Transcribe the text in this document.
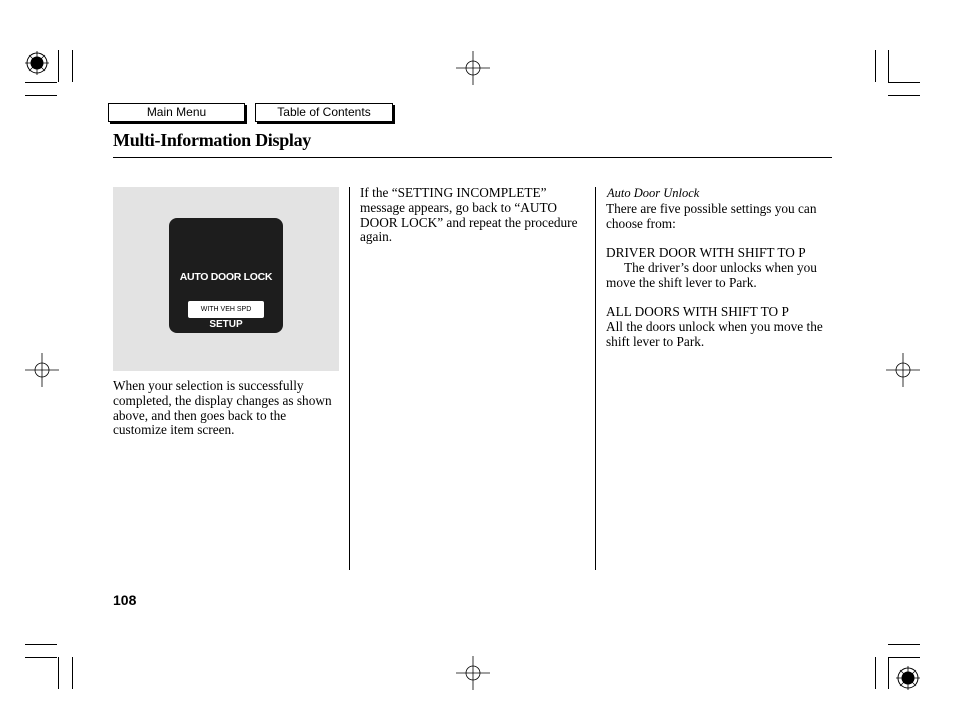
Main Menu	Table of Contents
Multi-Information Display
AUTO DOOR LOCK
WITH VEH SPD
SETUP
When your selection is successfully completed, the display changes as shown above, and then goes back to the customize item screen.
If the “SETTING INCOMPLETE” message appears, go back to “AUTO DOOR LOCK” and repeat the procedure again.
Auto Door Unlock
There are five possible settings you can choose from:
DRIVER DOOR WITH SHIFT TO P
The driver’s door unlocks when you move the shift lever to Park.
ALL DOORS WITH SHIFT TO P
All the doors unlock when you move the shift lever to Park.
108
